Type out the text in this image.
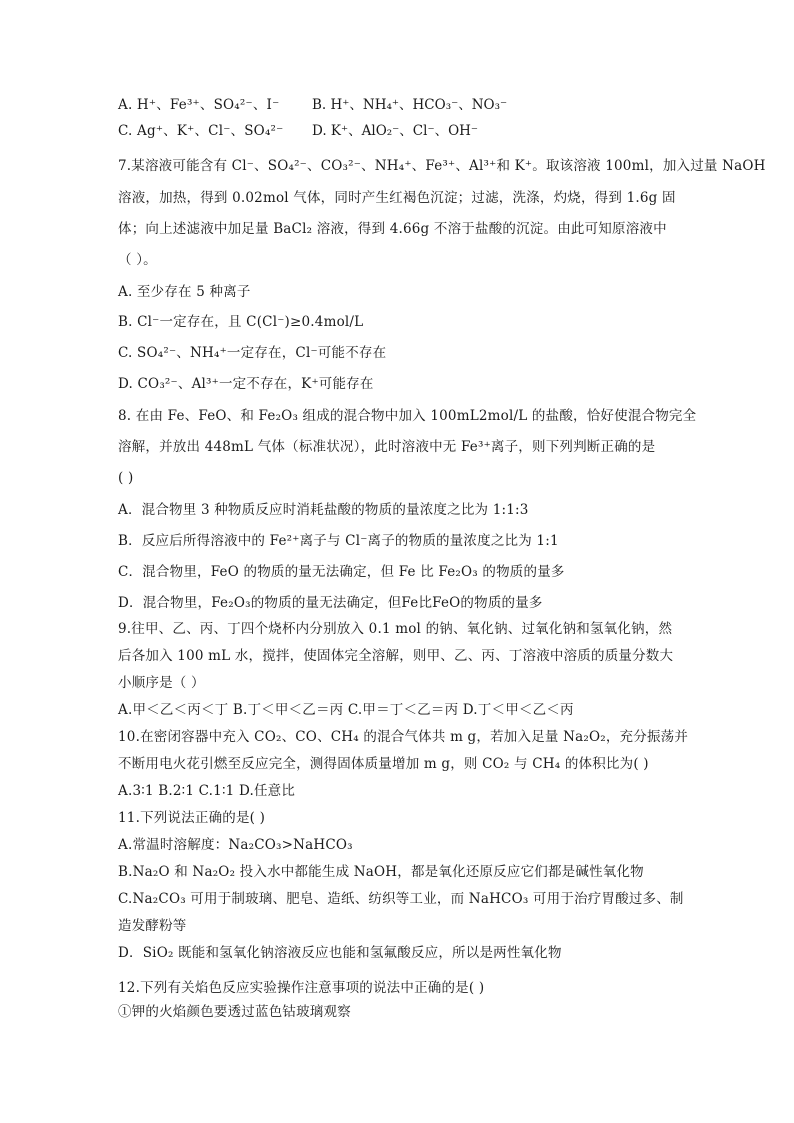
A. H⁺、Fe³⁺、SO₄²⁻、I⁻ B. H⁺、NH₄⁺、HCO₃⁻、NO₃⁻
C. Ag⁺、K⁺、Cl⁻、SO₄²⁻ D. K⁺、AlO₂⁻、Cl⁻、OH⁻
7.某溶液可能含有 Cl⁻、SO₄²⁻、CO₃²⁻、NH₄⁺、Fe³⁺、Al³⁺和 K⁺。取该溶液 100ml，加入过量 NaOH
溶液，加热，得到 0.02mol 气体，同时产生红褐色沉淀；过滤，洗涤，灼烧，得到 1.6g 固
体；向上述滤液中加足量 BaCl₂ 溶液，得到 4.66g 不溶于盐酸的沉淀。由此可知原溶液中
（ ）。
A. 至少存在 5 种离子
B. Cl⁻一定存在，且 C(Cl⁻)≥0.4mol/L
C. SO₄²⁻、NH₄⁺一定存在，Cl⁻可能不存在
D. CO₃²⁻、Al³⁺一定不存在，K⁺可能存在
8. 在由 Fe、FeO、和 Fe₂O₃ 组成的混合物中加入 100mL2mol/L 的盐酸，恰好使混合物完全
溶解，并放出 448mL 气体（标准状况），此时溶液中无 Fe³⁺离子，则下列判断正确的是
( )
A．混合物里 3 种物质反应时消耗盐酸的物质的量浓度之比为 1:1:3
B．反应后所得溶液中的 Fe²⁺离子与 Cl⁻离子的物质的量浓度之比为 1:1
C．混合物里，FeO 的物质的量无法确定，但 Fe 比 Fe₂O₃ 的物质的量多
D．混合物里，Fe₂O₃的物质的量无法确定，但Fe比FeO的物质的量多
9.往甲、乙、丙、丁四个烧杯内分别放入 0.1 mol 的钠、氧化钠、过氧化钠和氢氧化钠，然
后各加入 100 mL 水，搅拌，使固体完全溶解，则甲、乙、丙、丁溶液中溶质的质量分数大
小顺序是（ ）
A.甲＜乙＜丙＜丁 B.丁＜甲＜乙＝丙 C.甲＝丁＜乙＝丙 D.丁＜甲＜乙＜丙
10.在密闭容器中充入 CO₂、CO、CH₄ 的混合气体共 m g，若加入足量 Na₂O₂，充分振荡并
不断用电火花引燃至反应完全，测得固体质量增加 m g，则 CO₂ 与 CH₄ 的体积比为( )
A.3∶1 B.2∶1 C.1∶1 D.任意比
11.下列说法正确的是( )
A.常温时溶解度：Na₂CO₃>NaHCO₃
B.Na₂O 和 Na₂O₂ 投入水中都能生成 NaOH，都是氧化还原反应它们都是碱性氧化物
C.Na₂CO₃ 可用于制玻璃、肥皂、造纸、纺织等工业，而 NaHCO₃ 可用于治疗胃酸过多、制
造发酵粉等
D．SiO₂ 既能和氢氧化钠溶液反应也能和氢氟酸反应，所以是两性氧化物
12.下列有关焰色反应实验操作注意事项的说法中正确的是( )
①钾的火焰颜色要透过蓝色钴玻璃观察
